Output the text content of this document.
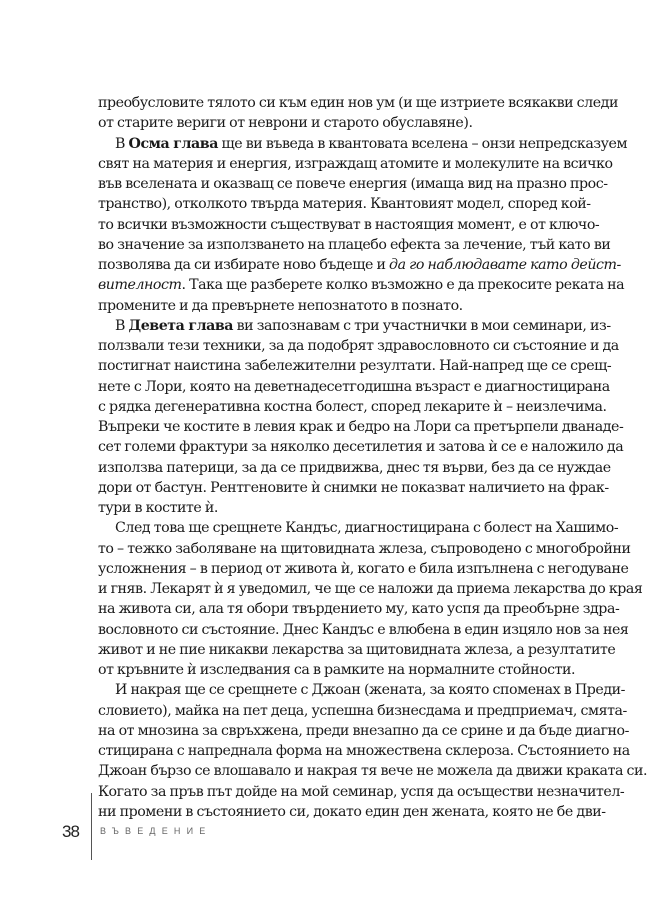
преобусловите тялото си към един нов ум (и ще изтриете всякакви следи
от старите вериги от неврони и старото обуславяне).
В Осма глава ще ви въведа в квантовата вселена – онзи непредсказуем
свят на материя и енергия, изграждащ атомите и молекулите на всичко
във вселената и оказващ се повече енергия (имаща вид на празно прос-
транство), отколкото твърда материя. Квантовият модел, според кой-
то всички възможности съществуват в настоящия момент, е от ключо-
во значение за използването на плацебо ефекта за лечение, тъй като ви
позволява да си избирате ново бъдеще и да го наблюдавате като дейст-
вителност. Така ще разберете колко възможно е да прекосите реката на
промените и да превърнете непознатото в познато.
В Девета глава ви запознавам с три участнички в мои семинари, из-
ползвали тези техники, за да подобрят здравословното си състояние и да
постигнат наистина забележителни резултати. Най-напред ще се срещ-
нете с Лори, която на деветнадесетгодишна възраст е диагностицирана
с рядка дегенеративна костна болест, според лекарите ѝ – неизлечима.
Въпреки че костите в левия крак и бедро на Лори са претърпели дванаде-
сет големи фрактури за няколко десетилетия и затова ѝ се е наложило да
използва патерици, за да се придвижва, днес тя върви, без да се нуждае
дори от бастун. Рентгеновите ѝ снимки не показват наличието на фрак-
тури в костите ѝ.
След това ще срещнете Кандъс, диагностицирана с болест на Хашимо-
то – тежко заболяване на щитовидната жлеза, съпроводено с многобройни
усложнения – в период от живота ѝ, когато е била изпълнена с негодуване
и гняв. Лекарят ѝ я уведомил, че ще се наложи да приема лекарства до края
на живота си, ала тя обори твърдението му, като успя да преобърне здра-
вословното си състояние. Днес Кандъс е влюбена в един изцяло нов за нея
живот и не пие никакви лекарства за щитовидната жлеза, а резултатите
от кръвните ѝ изследвания са в рамките на нормалните стойности.
И накрая ще се срещнете с Джоан (жената, за която споменах в Преди-
словието), майка на пет деца, успешна бизнесдама и предприемач, смята-
на от мнозина за свръхжена, преди внезапно да се срине и да бъде диагно-
стицирана с напреднала форма на множествена склероза. Състоянието на
Джоан бързо се влошавало и накрая тя вече не можела да движи краката си.
Когато за пръв път дойде на мой семинар, успя да осъществи незначител-
ни промени в състоянието си, докато един ден жената, която не бе дви-
38 ВЪВЕДЕНИЕ
